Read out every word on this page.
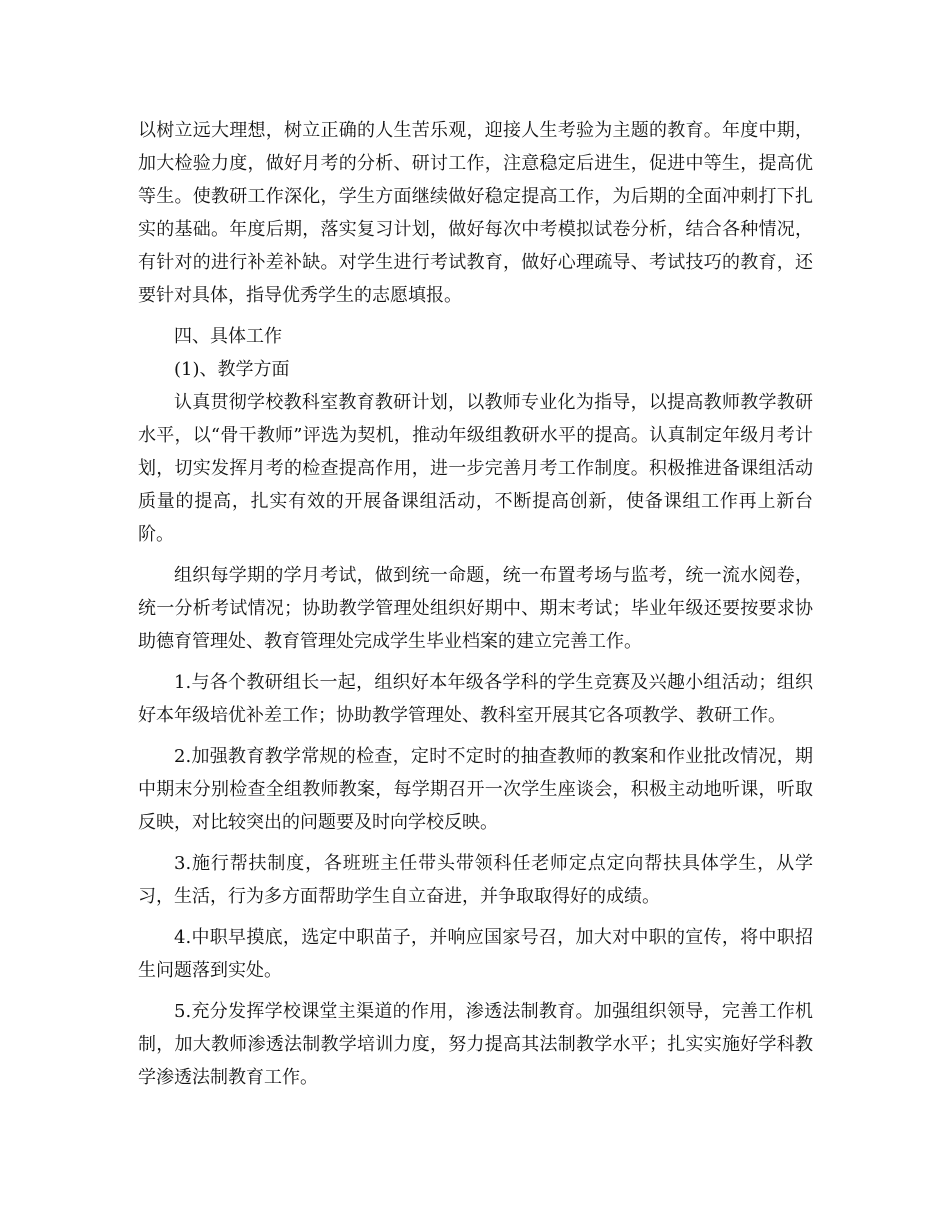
以树立远大理想，树立正确的人生苦乐观，迎接人生考验为主题的教育。年度中期，加大检验力度，做好月考的分析、研讨工作，注意稳定后进生，促进中等生，提高优等生。使教研工作深化，学生方面继续做好稳定提高工作，为后期的全面冲刺打下扎实的基础。年度后期，落实复习计划，做好每次中考模拟试卷分析，结合各种情况，有针对的进行补差补缺。对学生进行考试教育，做好心理疏导、考试技巧的教育，还要针对具体，指导优秀学生的志愿填报。

四、具体工作

(1)、教学方面

认真贯彻学校教科室教育教研计划，以教师专业化为指导，以提高教师教学教研水平，以“骨干教师”评选为契机，推动年级组教研水平的提高。认真制定年级月考计划，切实发挥月考的检查提高作用，进一步完善月考工作制度。积极推进备课组活动质量的提高，扎实有效的开展备课组活动，不断提高创新，使备课组工作再上新台阶。

组织每学期的学月考试，做到统一命题，统一布置考场与监考，统一流水阅卷，统一分析考试情况；协助教学管理处组织好期中、期末考试；毕业年级还要按要求协助德育管理处、教育管理处完成学生毕业档案的建立完善工作。

1.与各个教研组长一起，组织好本年级各学科的学生竞赛及兴趣小组活动；组织好本年级培优补差工作；协助教学管理处、教科室开展其它各项教学、教研工作。

2.加强教育教学常规的检查，定时不定时的抽查教师的教案和作业批改情况，期中期末分别检查全组教师教案，每学期召开一次学生座谈会，积极主动地听课，听取反映，对比较突出的问题要及时向学校反映。

3.施行帮扶制度，各班班主任带头带领科任老师定点定向帮扶具体学生，从学习，生活，行为多方面帮助学生自立奋进，并争取取得好的成绩。

4.中职早摸底，选定中职苗子，并响应国家号召，加大对中职的宣传，将中职招生问题落到实处。

5.充分发挥学校课堂主渠道的作用，渗透法制教育。加强组织领导，完善工作机制，加大教师渗透法制教学培训力度，努力提高其法制教学水平；扎实实施好学科教学渗透法制教育工作。
